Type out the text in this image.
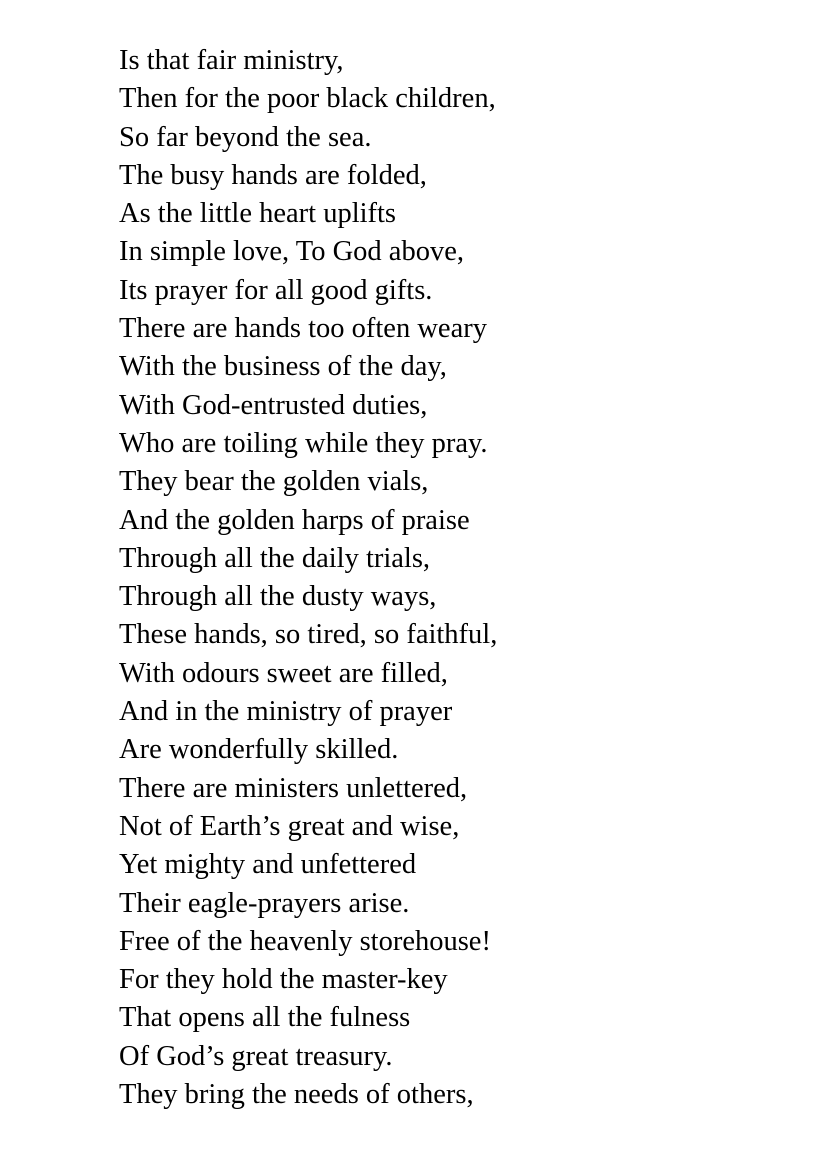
Is that fair ministry,
Then for the poor black children,
So far beyond the sea.
The busy hands are folded,
As the little heart uplifts
In simple love, To God above,
Its prayer for all good gifts.
There are hands too often weary
With the business of the day,
With God-entrusted duties,
Who are toiling while they pray.
They bear the golden vials,
And the golden harps of praise
Through all the daily trials,
Through all the dusty ways,
These hands, so tired, so faithful,
With odours sweet are filled,
And in the ministry of prayer
Are wonderfully skilled.
There are ministers unlettered,
Not of Earth’s great and wise,
Yet mighty and unfettered
Their eagle-prayers arise.
Free of the heavenly storehouse!
For they hold the master-key
That opens all the fulness
Of God’s great treasury.
They bring the needs of others,
